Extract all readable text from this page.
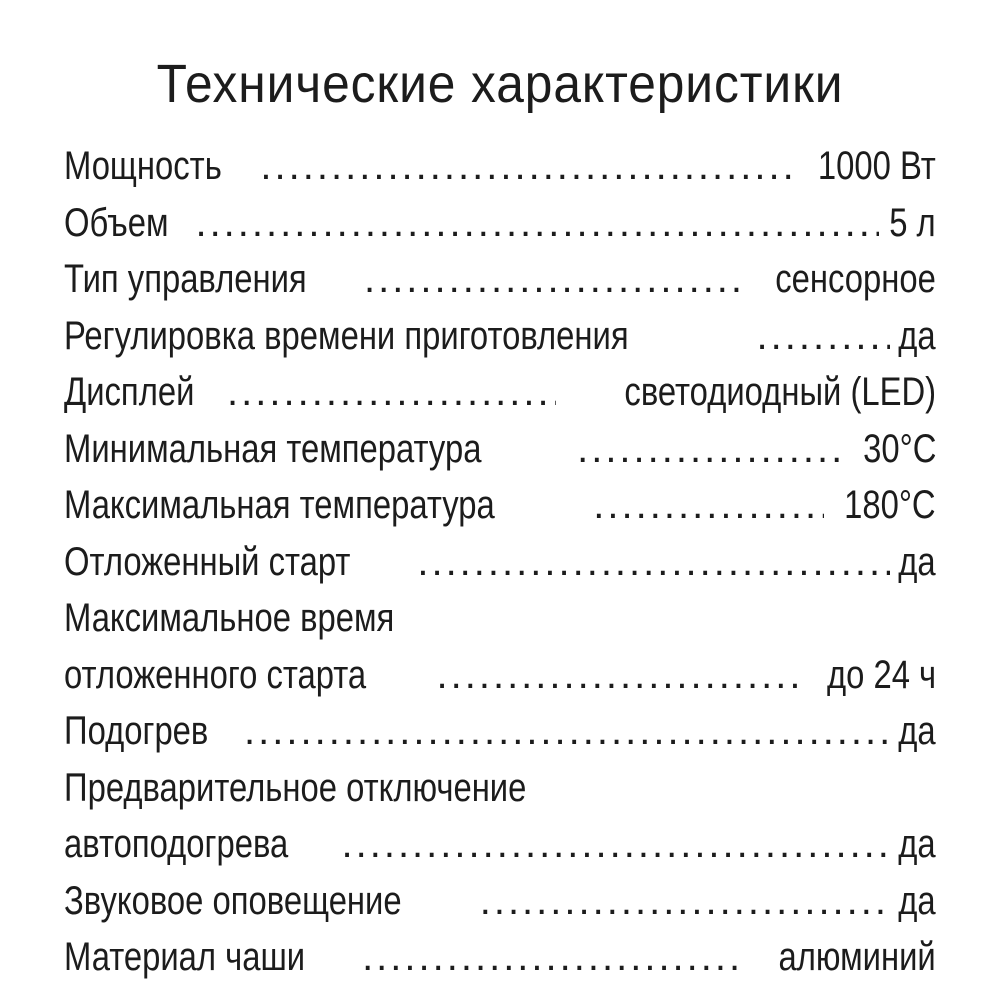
Технические характеристики
Мощность .....	1000 Вт
Объем .....	5 л
Тип управления .....	сенсорное
Регулировка времени приготовления .....	да
Дисплей .....	светодиодный (LED)
Минимальная температура .....	30°C
Максимальная температура .....	180°C
Отложенный старт .....	да
Максимальное время
отложенного старта .....	до 24 ч
Подогрев .....	да
Предварительное отключение
автоподогрева .....	да
Звуковое оповещение .....	да
Материал чаши .....	алюминий
